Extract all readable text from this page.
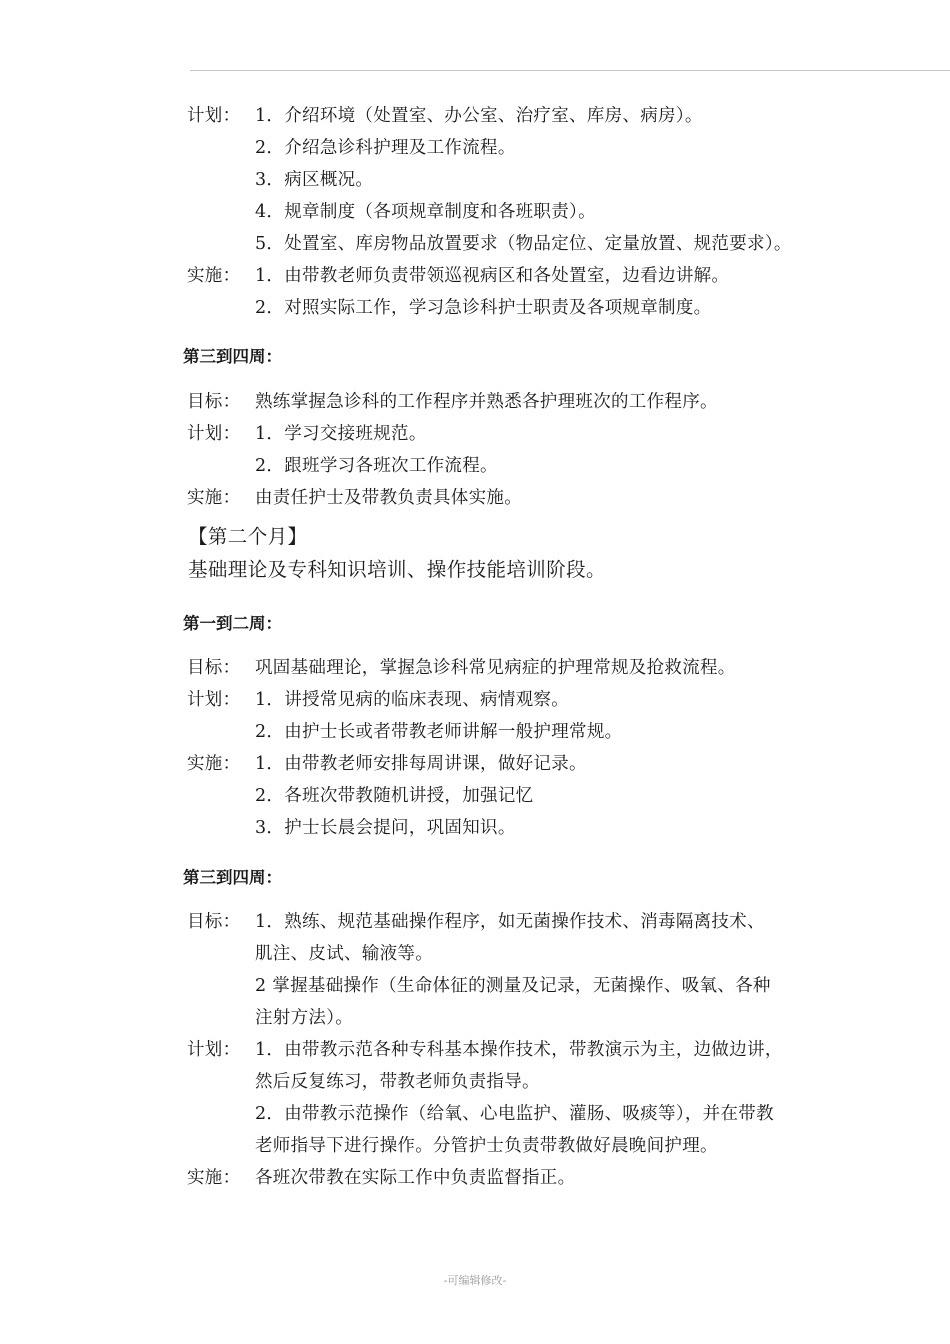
计划： 1．介绍环境（处置室、办公室、治疗室、库房、病房）。
2．介绍急诊科护理及工作流程。
3．病区概况。
4．规章制度（各项规章制度和各班职责）。
5．处置室、库房物品放置要求（物品定位、定量放置、规范要求）。
实施： 1．由带教老师负责带领巡视病区和各处置室，边看边讲解。
2．对照实际工作，学习急诊科护士职责及各项规章制度。
第三到四周：
目标： 熟练掌握急诊科的工作程序并熟悉各护理班次的工作程序。
计划： 1．学习交接班规范。
2．跟班学习各班次工作流程。
实施： 由责任护士及带教负责具体实施。
【第二个月】
基础理论及专科知识培训、操作技能培训阶段。
第一到二周：
目标： 巩固基础理论，掌握急诊科常见病症的护理常规及抢救流程。
计划： 1．讲授常见病的临床表现、病情观察。
2．由护士长或者带教老师讲解一般护理常规。
实施： 1．由带教老师安排每周讲课，做好记录。
2．各班次带教随机讲授，加强记忆
3．护士长晨会提问，巩固知识。
第三到四周：
目标： 1．熟练、规范基础操作程序，如无菌操作技术、消毒隔离技术、
肌注、皮试、输液等。
2 掌握基础操作（生命体征的测量及记录，无菌操作、吸氧、各种
注射方法）。
计划： 1．由带教示范各种专科基本操作技术，带教演示为主，边做边讲，
然后反复练习，带教老师负责指导。
2．由带教示范操作（给氧、心电监护、灌肠、吸痰等），并在带教
老师指导下进行操作。分管护士负责带教做好晨晚间护理。
实施： 各班次带教在实际工作中负责监督指正。
-可编辑修改-
